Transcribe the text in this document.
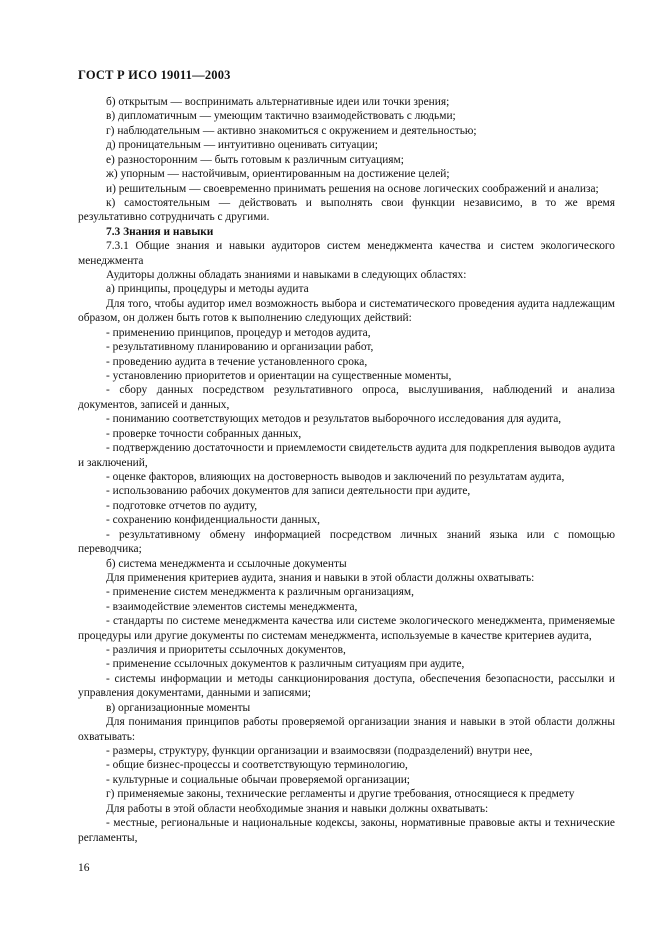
ГОСТ Р ИСО 19011—2003

б) открытым — воспринимать альтернативные идеи или точки зрения;

в) дипломатичным — умеющим тактично взаимодействовать с людьми;

г) наблюдательным — активно знакомиться с окружением и деятельностью;

д) проницательным — интуитивно оценивать ситуации;

е) разносторонним — быть готовым к различным ситуациям;

ж) упорным — настойчивым, ориентированным на достижение целей;

и) решительным — своевременно принимать решения на основе логических соображений и анализа;

к) самостоятельным — действовать и выполнять свои функции независимо, в то же время результативно сотрудничать с другими.

7.3 Знания и навыки

7.3.1 Общие знания и навыки аудиторов систем менеджмента качества и систем экологического менеджмента

Аудиторы должны обладать знаниями и навыками в следующих областях:

а) принципы, процедуры и методы аудита

Для того, чтобы аудитор имел возможность выбора и систематического проведения аудита надлежащим образом, он должен быть готов к выполнению следующих действий:

- применению принципов, процедур и методов аудита,

- результативному планированию и организации работ,

- проведению аудита в течение установленного срока,

- установлению приоритетов и ориентации на существенные моменты,

- сбору данных посредством результативного опроса, выслушивания, наблюдений и анализа документов, записей и данных,

- пониманию соответствующих методов и результатов выборочного исследования для аудита,

- проверке точности собранных данных,

- подтверждению достаточности и приемлемости свидетельств аудита для подкрепления выводов аудита и заключений,

- оценке факторов, влияющих на достоверность выводов и заключений по результатам аудита,

- использованию рабочих документов для записи деятельности при аудите,

- подготовке отчетов по аудиту,

- сохранению конфиденциальности данных,

- результативному обмену информацией посредством личных знаний языка или с помощью переводчика;

б) система менеджмента и ссылочные документы

Для применения критериев аудита, знания и навыки в этой области должны охватывать:

- применение систем менеджмента к различным организациям,

- взаимодействие элементов системы менеджмента,

- стандарты по системе менеджмента качества или системе экологического менеджмента, применяемые процедуры или другие документы по системам менеджмента, используемые в качестве критериев аудита,

- различия и приоритеты ссылочных документов,

- применение ссылочных документов к различным ситуациям при аудите,

- системы информации и методы санкционирования доступа, обеспечения безопасности, рассылки и управления документами, данными и записями;

в) организационные моменты

Для понимания принципов работы проверяемой организации знания и навыки в этой области должны охватывать:

- размеры, структуру, функции организации и взаимосвязи (подразделений) внутри нее,

- общие бизнес-процессы и соответствующую терминологию,

- культурные и социальные обычаи проверяемой организации;

г) применяемые законы, технические регламенты и другие требования, относящиеся к предмету

Для работы в этой области необходимые знания и навыки должны охватывать:

- местные, региональные и национальные кодексы, законы, нормативные правовые акты и технические регламенты,

16
